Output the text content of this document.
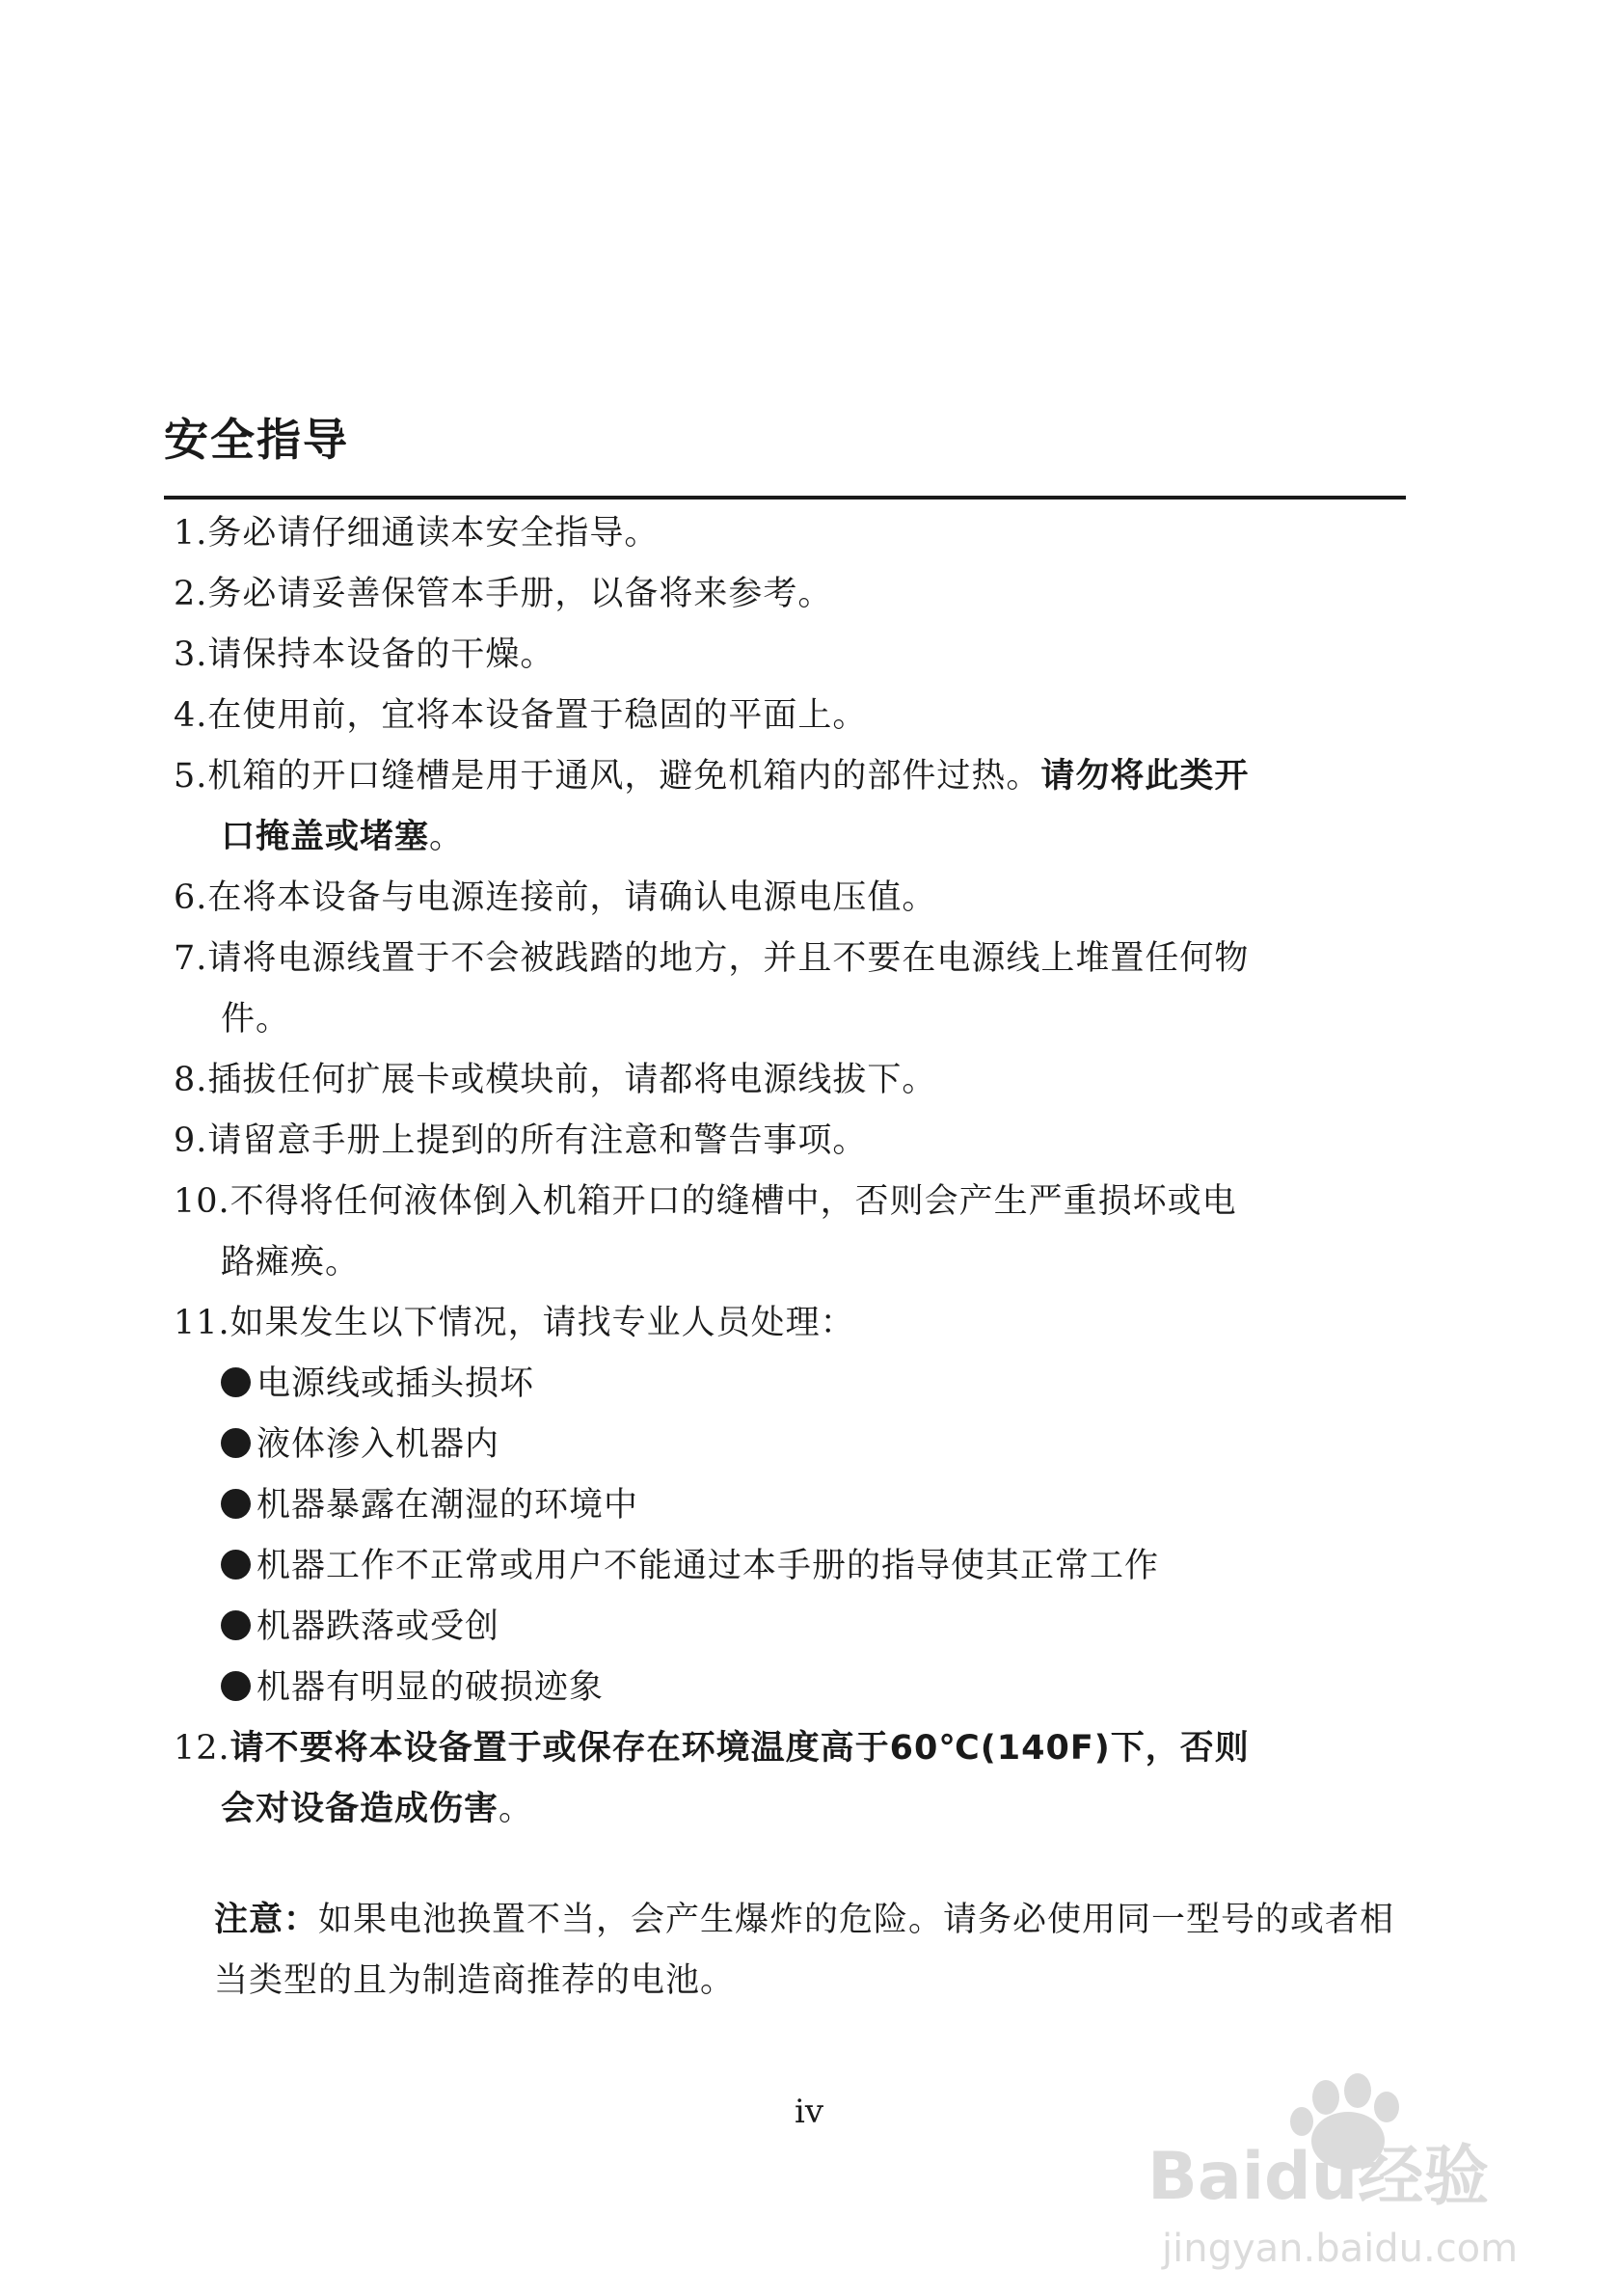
安全指导
1.务必请仔细通读本安全指导。
2.务必请妥善保管本手册，以备将来参考。
3.请保持本设备的干燥。
4.在使用前，宜将本设备置于稳固的平面上。
5.机箱的开口缝槽是用于通风，避免机箱内的部件过热。请勿将此类开
口掩盖或堵塞。
6.在将本设备与电源连接前，请确认电源电压值。
7.请将电源线置于不会被践踏的地方，并且不要在电源线上堆置任何物
件。
8.插拔任何扩展卡或模块前，请都将电源线拔下。
9.请留意手册上提到的所有注意和警告事项。
10.不得将任何液体倒入机箱开口的缝槽中，否则会产生严重损坏或电
路瘫痪。
11.如果发生以下情况，请找专业人员处理：
电源线或插头损坏
液体渗入机器内
机器暴露在潮湿的环境中
机器工作不正常或用户不能通过本手册的指导使其正常工作
机器跌落或受创
机器有明显的破损迹象
12.请不要将本设备置于或保存在环境温度高于60℃(140F)下，否则
会对设备造成伤害。
注意：如果电池换置不当，会产生爆炸的危险。请务必使用同一型号的或者相当类型的且为制造商推荐的电池。
iv
Baidu经验
jingyan.baidu.com
